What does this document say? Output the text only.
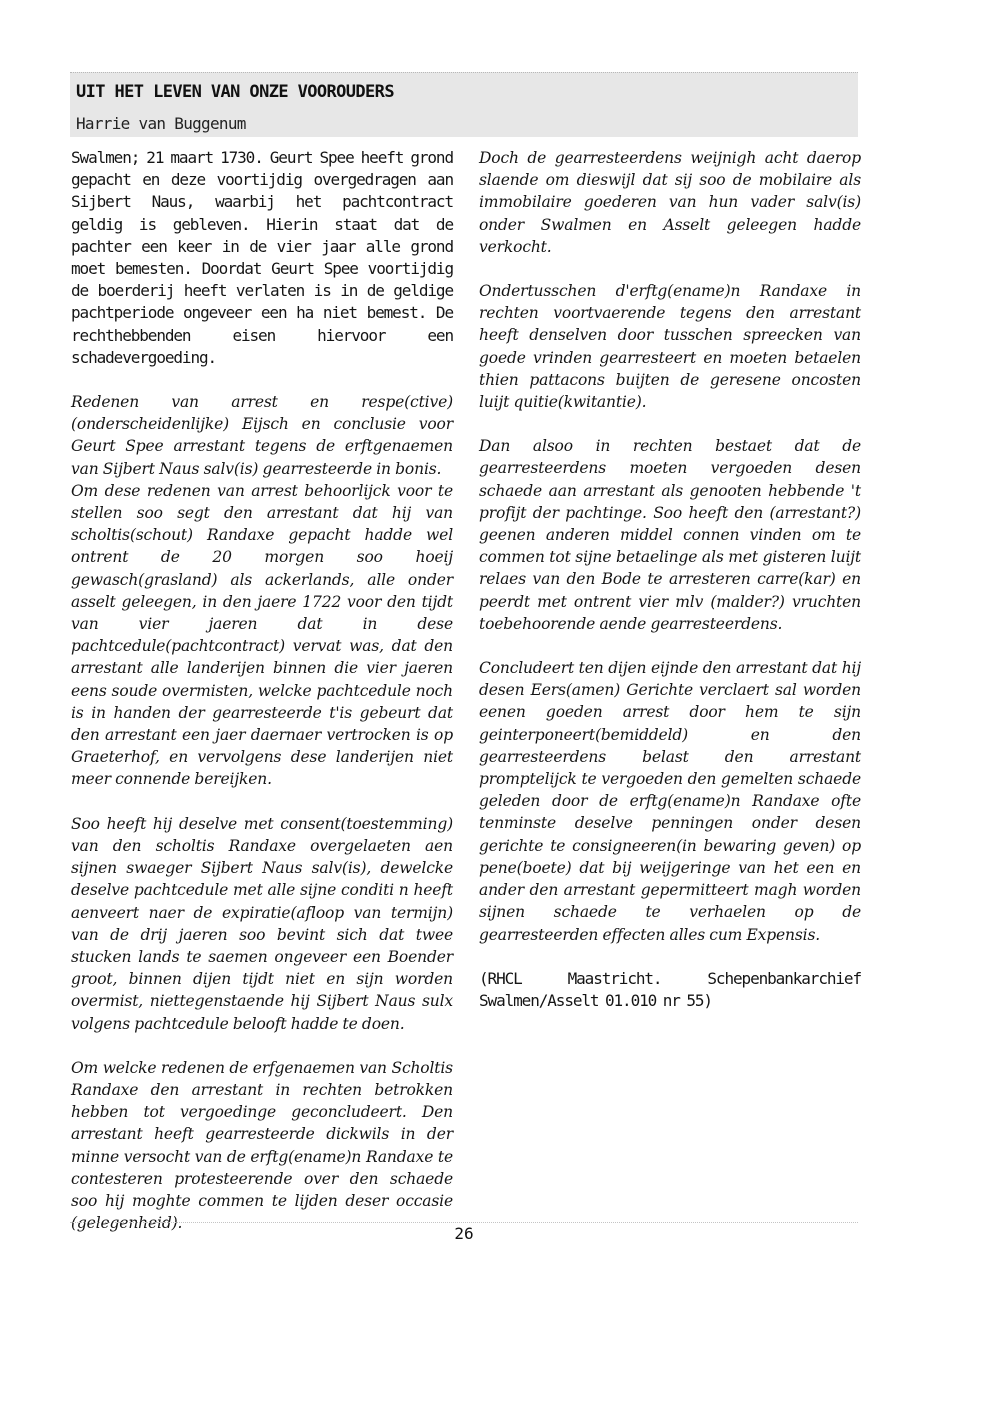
UIT HET LEVEN VAN ONZE VOOROUDERS
Harrie van Buggenum

Swalmen; 21 maart 1730. Geurt Spee heeft grond gepacht en deze voortijdig overgedragen aan Sijbert Naus, waarbij het pachtcontract geldig is gebleven. Hierin staat dat de pachter een keer in de vier jaar alle grond moet bemesten. Doordat Geurt Spee voortijdig de boerderij heeft verlaten is in de geldige pachtperiode ongeveer een ha niet bemest. De rechthebbenden eisen hiervoor een schadevergoeding.

Redenen van arrest en respe(ctive)(onderscheidenlijke) Eijsch en conclusie voor Geurt Spee arrestant tegens de erftgenaemen van Sijbert Naus salv(is) gearresteerde in bonis.

Om dese redenen van arrest behoorlijck voor te stellen soo segt den arrestant dat hij van scholtis(schout) Randaxe gepacht hadde wel ontrent de 20 morgen soo hoeij gewasch(grasland) als ackerlands, alle onder asselt geleegen, in den jaere 1722 voor den tijdt van vier jaeren dat in dese pachtcedule(pachtcontract) vervat was, dat den arrestant alle landerijen binnen die vier jaeren eens soude overmisten, welcke pachtcedule noch is in handen der gearresteerde t'is gebeurt dat den arrestant een jaer daernaer vertrocken is op Graeterhof, en vervolgens dese landerijen niet meer connende bereijken.

Soo heeft hij deselve met consent(toestemming) van den scholtis Randaxe overgelaeten aen sijnen swaeger Sijbert Naus salv(is), dewelcke deselve pachtcedule met alle sijne conditi n heeft aenveert naer de expiratie(afloop van termijn) van de drij jaeren soo bevint sich dat twee stucken lands te saemen ongeveer een Boender groot, binnen dijen tijdt niet en sijn worden overmist, niettegenstaende hij Sijbert Naus sulx volgens pachtcedule belooft hadde te doen.

Om welcke redenen de erfgenaemen van Scholtis Randaxe den arrestant in rechten betrokken hebben tot vergoedinge geconcludeert. Den arrestant heeft gearresteerde dickwils in der minne versocht van de erftg(ename)n Randaxe te contesteren protesteerende over den schaede soo hij moghte commen te lijden deser occasie (gelegenheid).

Doch de gearresteerdens weijnigh acht daerop slaende om dieswijl dat sij soo de mobilaire als immobilaire goederen van hun vader salv(is) onder Swalmen en Asselt geleegen hadde verkocht.

Ondertusschen d'erftg(ename)n Randaxe in rechten voortvaerende tegens den arrestant heeft denselven door tusschen spreecken van goede vrinden gearresteert en moeten betaelen thien pattacons buijten de geresene oncosten luijt quitie(kwitantie).

Dan alsoo in rechten bestaet dat de gearresteerdens moeten vergoeden desen schaede aan arrestant als genooten hebbende 't profijt der pachtinge. Soo heeft den (arrestant?) geenen anderen middel connen vinden om te commen tot sijne betaelinge als met gisteren luijt relaes van den Bode te arresteren carre(kar) en peerdt met ontrent vier mlv (malder?) vruchten toebehoorende aende gearresteerdens.

Concludeert ten dijen eijnde den arrestant dat hij desen Eers(amen) Gerichte verclaert sal worden eenen goeden arrest door hem te sijn geinterponeert(bemiddeld) en den gearresteerdens belast den arrestant promptelijck te vergoeden den gemelten schaede geleden door de erftg(ename)n Randaxe ofte tenminste deselve penningen onder desen gerichte te consigneeren(in bewaring geven) op pene(boete) dat bij weijgeringe van het een en ander den arrestant gepermitteert magh worden sijnen schaede te verhaelen op de gearresteerden effecten alles cum Expensis.

(RHCL Maastricht. Schepenbankarchief Swalmen/Asselt 01.010 nr 55)

26
